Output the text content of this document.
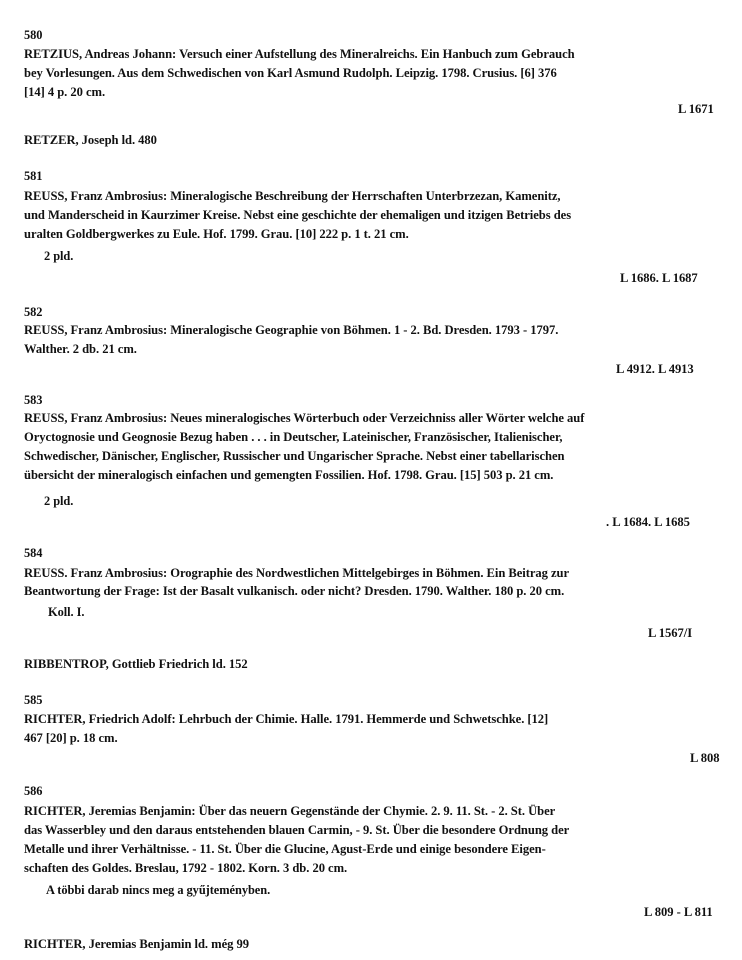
580
RETZIUS, Andreas Johann: Versuch einer Aufstellung des Mineralreichs. Ein Hanbuch zum Gebrauch
bey Vorlesungen. Aus dem Schwedischen von Karl Asmund Rudolph. Leipzig. 1798. Crusius. [6] 376
[14] 4 p. 20 cm.
L 1671
RETZER, Joseph ld. 480
581
REUSS, Franz Ambrosius: Mineralogische Beschreibung der Herrschaften Unterbrzezan, Kamenitz,
und Manderscheid in Kaurzimer Kreise. Nebst eine geschichte der ehemaligen und itzigen Betriebs des
uralten Goldbergwerkes zu Eule. Hof. 1799. Grau. [10] 222 p. 1 t. 21 cm.
2 pld.
L 1686. L 1687
582
REUSS, Franz Ambrosius: Mineralogische Geographie von Böhmen. 1 - 2. Bd. Dresden. 1793 - 1797.
Walther. 2 db. 21 cm.
L 4912. L 4913
583
REUSS, Franz Ambrosius: Neues mineralogisches Wörterbuch oder Verzeichniss aller Wörter welche auf
Oryctognosie und Geognosie Bezug haben . . . in Deutscher, Lateinischer, Französischer, Italienischer,
Schwedischer, Dänischer, Englischer, Russischer und Ungarischer Sprache. Nebst einer tabellarischen
übersicht der mineralogisch einfachen und gemengten Fossilien. Hof. 1798. Grau. [15] 503 p. 21 cm.
2 pld.
. L 1684. L 1685
584
REUSS. Franz Ambrosius: Orographie des Nordwestlichen Mittelgebirges in Böhmen. Ein Beitrag zur
Beantwortung der Frage: Ist der Basalt vulkanisch. oder nicht? Dresden. 1790. Walther. 180 p. 20 cm.
Koll. I.
L 1567/I
RIBBENTROP, Gottlieb Friedrich ld. 152
585
RICHTER, Friedrich Adolf: Lehrbuch der Chimie. Halle. 1791. Hemmerde und Schwetschke. [12]
467 [20] p. 18 cm.
L 808
586
RICHTER, Jeremias Benjamin: Über das neuern Gegenstände der Chymie. 2. 9. 11. St. - 2. St. Über
das Wasserbley und den daraus entstehenden blauen Carmin, - 9. St. Über die besondere Ordnung der
Metalle und ihrer Verhältnisse. - 11. St. Über die Glucine, Agust-Erde und einige besondere Eigen-
schaften des Goldes. Breslau, 1792 - 1802. Korn. 3 db. 20 cm.
A többi darab nincs meg a gyűjteményben.
L 809 - L 811
RICHTER, Jeremias Benjamin ld. még 99
